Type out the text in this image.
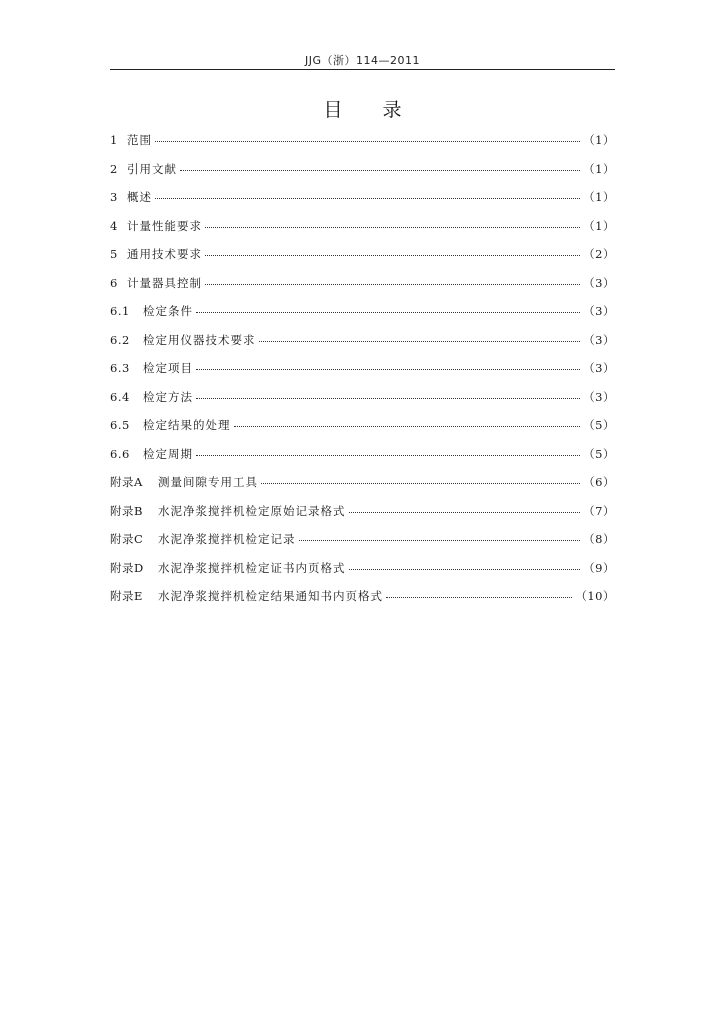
JJG（浙）114—2011
目 录
1 范围	（1）
2 引用文献	（1）
3 概述	（1）
4 计量性能要求	（1）
5 通用技术要求	（2）
6 计量器具控制	（3）
6.1	检定条件	（3）
6.2	检定用仪器技术要求	（3）
6.3	检定项目	（3）
6.4	检定方法	（3）
6.5	检定结果的处理	（5）
6.6	检定周期	（5）
附录A	测量间隙专用工具	（6）
附录B	水泥净浆搅拌机检定原始记录格式	（7）
附录C	水泥净浆搅拌机检定记录	（8）
附录D	水泥净浆搅拌机检定证书内页格式	（9）
附录E	水泥净浆搅拌机检定结果通知书内页格式	（10）
